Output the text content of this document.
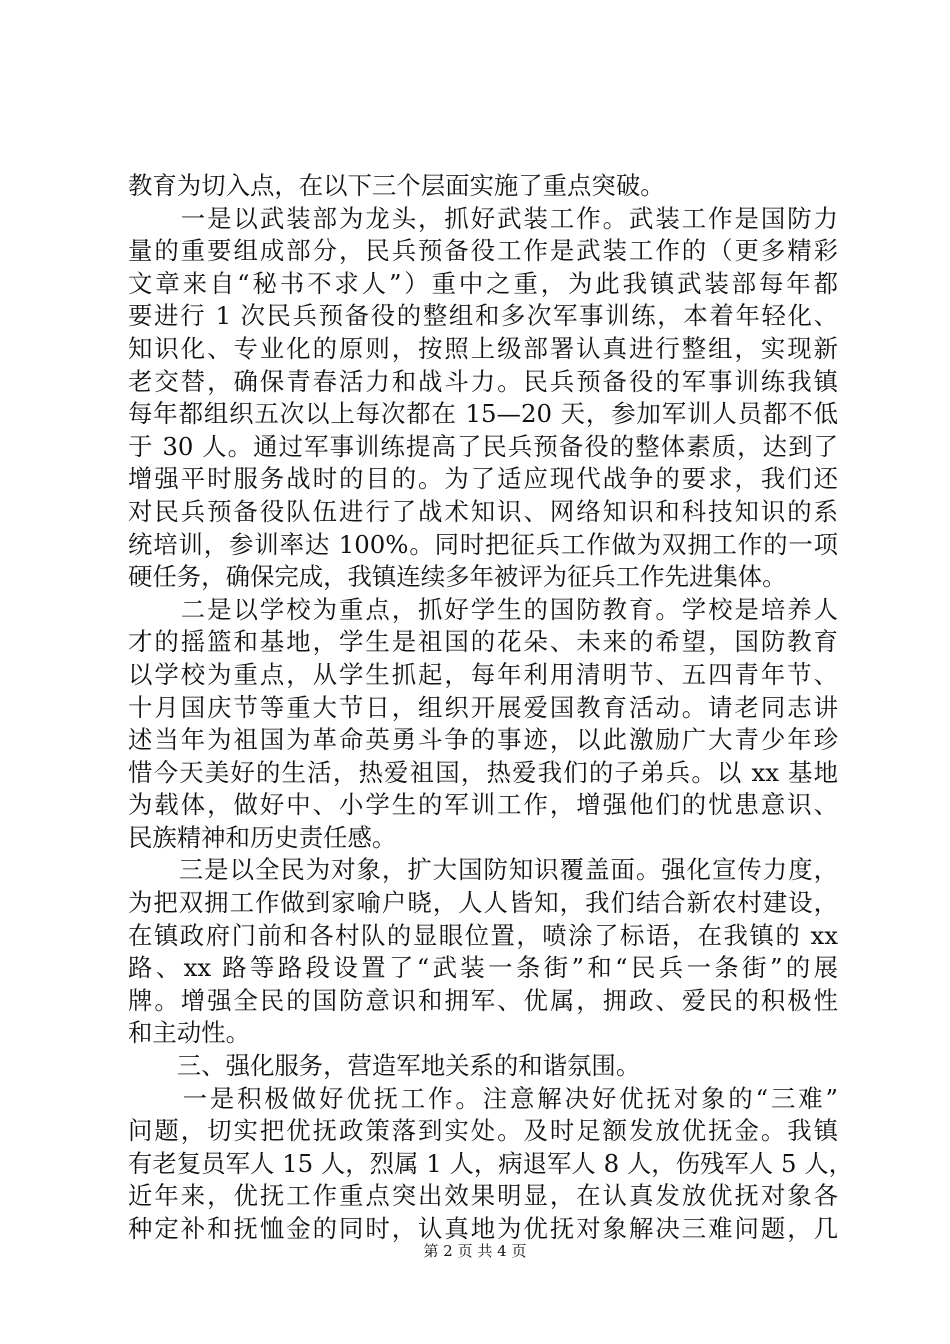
教育为切入点，在以下三个层面实施了重点突破。
　　一是以武装部为龙头，抓好武装工作。武装工作是国防力
量的重要组成部分，民兵预备役工作是武装工作的（更多精彩
文章来自“秘书不求人”）重中之重，为此我镇武装部每年都
要进行 1 次民兵预备役的整组和多次军事训练，本着年轻化、
知识化、专业化的原则，按照上级部署认真进行整组，实现新
老交替，确保青春活力和战斗力。民兵预备役的军事训练我镇
每年都组织五次以上每次都在 15—20 天，参加军训人员都不低
于 30 人。通过军事训练提高了民兵预备役的整体素质，达到了
增强平时服务战时的目的。为了适应现代战争的要求，我们还
对民兵预备役队伍进行了战术知识、网络知识和科技知识的系
统培训，参训率达 100%。同时把征兵工作做为双拥工作的一项
硬任务，确保完成，我镇连续多年被评为征兵工作先进集体。
　　二是以学校为重点，抓好学生的国防教育。学校是培养人
才的摇篮和基地，学生是祖国的花朵、未来的希望，国防教育
以学校为重点，从学生抓起，每年利用清明节、五四青年节、
十月国庆节等重大节日，组织开展爱国教育活动。请老同志讲
述当年为祖国为革命英勇斗争的事迹，以此激励广大青少年珍
惜今天美好的生活，热爱祖国，热爱我们的子弟兵。以 xx 基地
为载体，做好中、小学生的军训工作，增强他们的忧患意识、
民族精神和历史责任感。
　　三是以全民为对象，扩大国防知识覆盖面。强化宣传力度，
为把双拥工作做到家喻户晓，人人皆知，我们结合新农村建设，
在镇政府门前和各村队的显眼位置，喷涂了标语，在我镇的 xx
路、xx 路等路段设置了“武装一条街”和“民兵一条街”的展
牌。增强全民的国防意识和拥军、优属，拥政、爱民的积极性
和主动性。
　　三、强化服务，营造军地关系的和谐氛围。
　　一是积极做好优抚工作。注意解决好优抚对象的“三难”
问题，切实把优抚政策落到实处。及时足额发放优抚金。我镇
有老复员军人 15 人，烈属 1 人，病退军人 8 人，伤残军人 5 人，
近年来，优抚工作重点突出效果明显，在认真发放优抚对象各
种定补和抚恤金的同时，认真地为优抚对象解决三难问题，几
第 2 页 共 4 页
